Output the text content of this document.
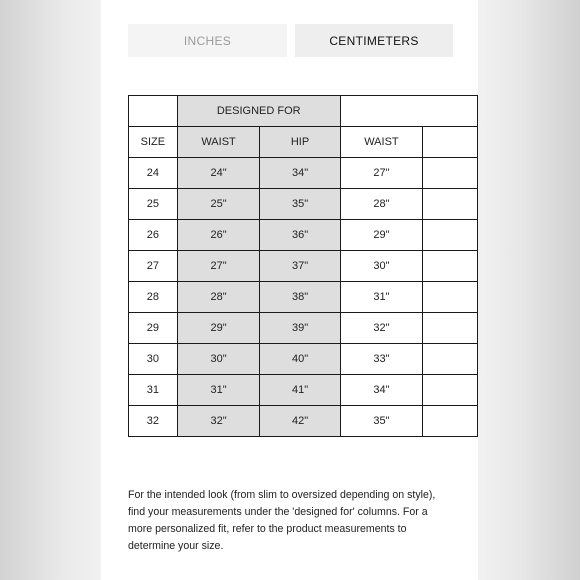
INCHES	CENTIMETERS
	DESIGNED FOR			
SIZE	WAIST	HIP	WAIST	
24	24"	34"	27"	
25	25"	35"	28"	
26	26"	36"	29"	
27	27"	37"	30"	
28	28"	38"	31"	
29	29"	39"	32"	
30	30"	40"	33"	
31	31"	41"	34"	
32	32"	42"	35"	
For the intended look (from slim to oversized depending on style), find your measurements under the 'designed for' columns. For a more personalized fit, refer to the product measurements to determine your size.
